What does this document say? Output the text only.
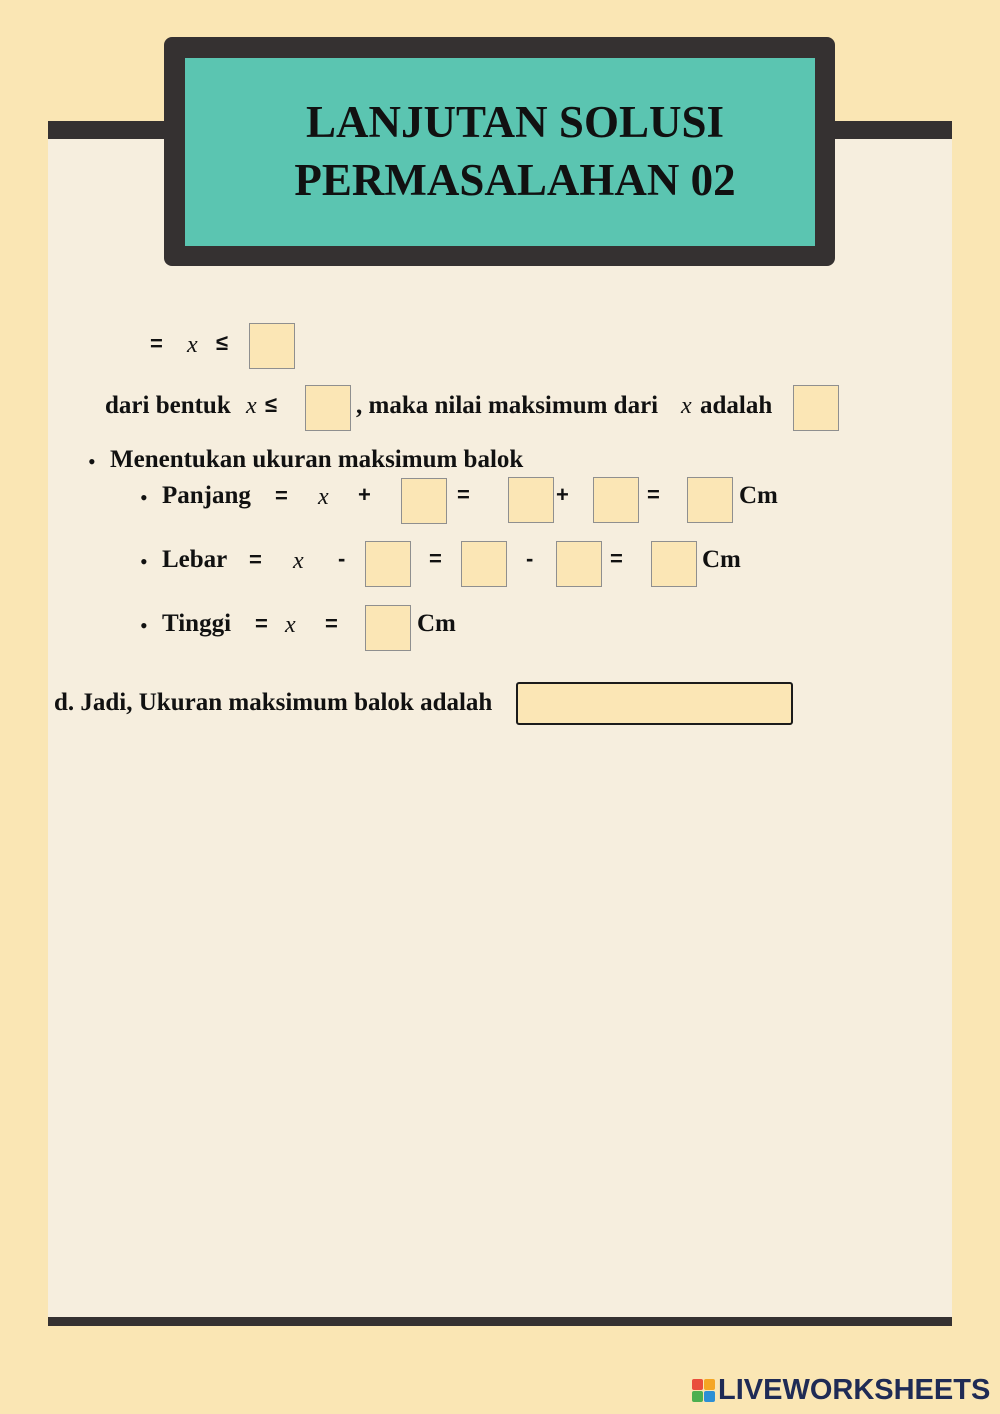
LANJUTAN SOLUSI
PERMASALAHAN 02
= x ≤
dari bentuk x ≤	, maka nilai maksimum dari x adalah
• Menentukan ukuran maksimum balok
• Panjang = x +	=	+	=	Cm
• Lebar = x -	=	-	=	Cm
• Tinggi = x =	Cm
d. Jadi, Ukuran maksimum balok adalah
LIVEWORKSHEETS
